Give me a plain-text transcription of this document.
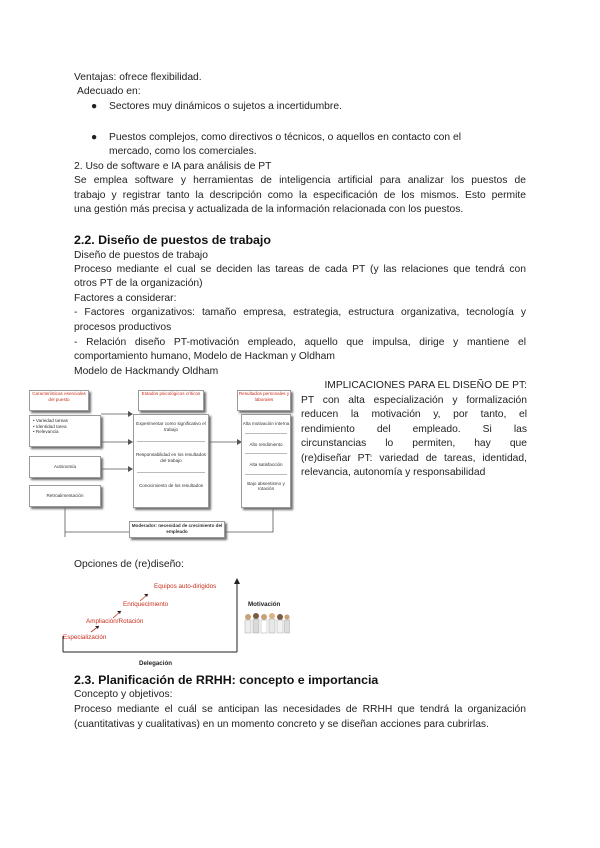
Ventajas: ofrece flexibilidad.
Adecuado en:
● Sectores muy dinámicos o sujetos a incertidumbre.
● Puestos complejos, como directivos o técnicos, o aquellos en contacto con el
mercado, como los comerciales.
2. Uso de software e IA para análisis de PT
Se emplea software y herramientas de inteligencia artificial para analizar los puestos de
trabajo y registrar tanto la descripción como la especificación de los mismos. Esto permite
una gestión más precisa y actualizada de la información relacionada con los puestos.
2.2. Diseño de puestos de trabajo
Diseño de puestos de trabajo
Proceso mediante el cual se deciden las tareas de cada PT (y las relaciones que tendrá con
otros PT de la organización)
Factores a considerar:
- Factores organizativos: tamaño empresa, estrategia, estructura organizativa, tecnología y
procesos productivos
- Relación diseño PT-motivación empleado, aquello que impulsa, dirige y mantiene el
comportamiento humano, Modelo de Hackman y Oldham
Modelo de Hackmandy Oldham
Características esenciales del puesto
Estados psicológicos críticos	Resultados personales y laborales
• Variedad tareas
• Identidad tarea
• Relevancia
Autonomía
Retroalimentación
Experimentar como significativo el trabajo
Responsabilidad en los resultados del trabajo
Conocimiento de los resultados
Alta motivación interna
Alto rendimiento
Alta satisfacción
Bajo absentismo y rotación
Moderador: necesidad de crecimiento del empleado
IMPLICACIONES PARA EL DISEÑO DE PT:
PT con alta especialización y formalización
reducen la motivación y, por tanto, el
rendimiento del empleado. Si las
circunstancias lo permiten, hay que
(re)diseñar PT: variedad de tareas, identidad,
relevancia, autonomía y responsabilidad
Opciones de (re)diseño:
Especialización
Ampliación/Rotación
Enriquecimiento
Equipos auto-dirigidos
Motivación
Delegación
2.3. Planificación de RRHH: concepto e importancia
Concepto y objetivos:
Proceso mediante el cuál se anticipan las necesidades de RRHH que tendrá la organización
(cuantitativas y cualitativas) en un momento concreto y se diseñan acciones para cubrirlas.
